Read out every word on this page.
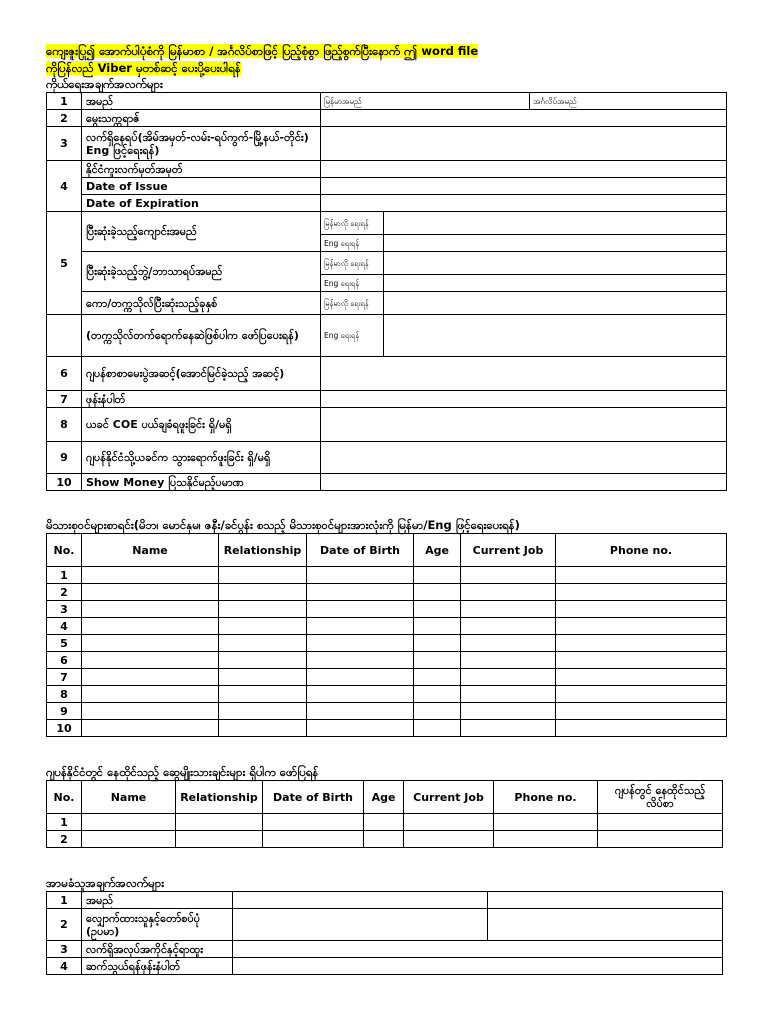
ကျေးဇူးပြု၍ အောက်ပါပုံစံကို မြန်မာစာ / အင်္ဂလိပ်စာဖြင့် ပြည့်စုံစွာ ဖြည့်စွက်ပြီးနောက် ဤ word file
ကိုပြန်လည် Viber မှတစ်ဆင့် ပေးပို့ပေးပါရန်
ကိုယ်ရေးအချက်အလက်များ
1	အမည်	မြန်မာအမည်		အင်္ဂလိပ်အမည်
2	မွေးသက္ကရာဇ်			
3	လက်ရှိနေရပ်(အိမ်အမှတ်-လမ်း-ရပ်ကွက်-မြို့နယ်-တိုင်း) Eng ဖြင့်ရေးရန်)			
4	နိုင်ငံကူးလက်မှတ်အမှတ်			
	Date of Issue			
	Date of Expiration			
5	ပြီးဆုံးခဲ့သည့်ကျောင်းအမည်	မြန်မာလို ရေးရန်		
		Eng ရေးရန်		
	ပြီးဆုံးခဲ့သည့်ဘွဲ့/ဘာသာရပ်အမည်	မြန်မာလို ရေးရန်		
		Eng ရေးရန်		
	ကော/တက္ကသိုလ်ပြီးဆုံးသည့်ခုနှစ်	မြန်မာလို ရေးရန်		
	(တက္ကသိုလ်တက်ရောက်နေဆဲဖြစ်ပါက ဖော်ပြပေးရန်)	Eng ရေးရန်		
6	ဂျပန်စာစာမေးပွဲအဆင့်(အောင်မြင်ခဲ့သည့် အဆင့်)			
7	ဖုန်းနံပါတ်			
8	ယခင် COE ပယ်ချခံရဖူးခြင်း ရှိ/မရှိ			
9	ဂျပန်နိုင်ငံသို့ယခင်က သွားရောက်ဖူးခြင်း ရှိ/မရှိ			
10	Show Money ပြသနိုင်မည့်ပမာဏ			
မိသားစုဝင်များစာရင်း(မိဘ၊ မောင်နှမ၊ ဇနီး/ခင်ပွန်း စသည့် မိသားစုဝင်များအားလုံးကို မြန်မာ/Eng ဖြင့်ရေးပေးရန်)
No.	Name	Relationship	Date of Birth	Age	Current Job	Phone no.
1						
2						
3						
4						
5						
6						
7						
8						
9						
10						
ဂျပန်နိုင်ငံတွင် နေထိုင်သည့် ဆွေမျိုးသားချင်းများ ရှိပါက ဖော်ပြရန်
No.	Name	Relationship	Date of Birth	Age	Current Job	Phone no.	ဂျပန်တွင် နေထိုင်သည့်လိပ်စာ
1							
2							
အာမခံသူအချက်အလက်များ
1	အမည်		
2	လျှောက်ထားသူနှင့်တော်စပ်ပုံ (ဥပမာ)		
3	လက်ရှိအလုပ်အကိုင်နှင့်ရာထူး		
4	ဆက်သွယ်ရန်ဖုန်းနံပါတ်		
